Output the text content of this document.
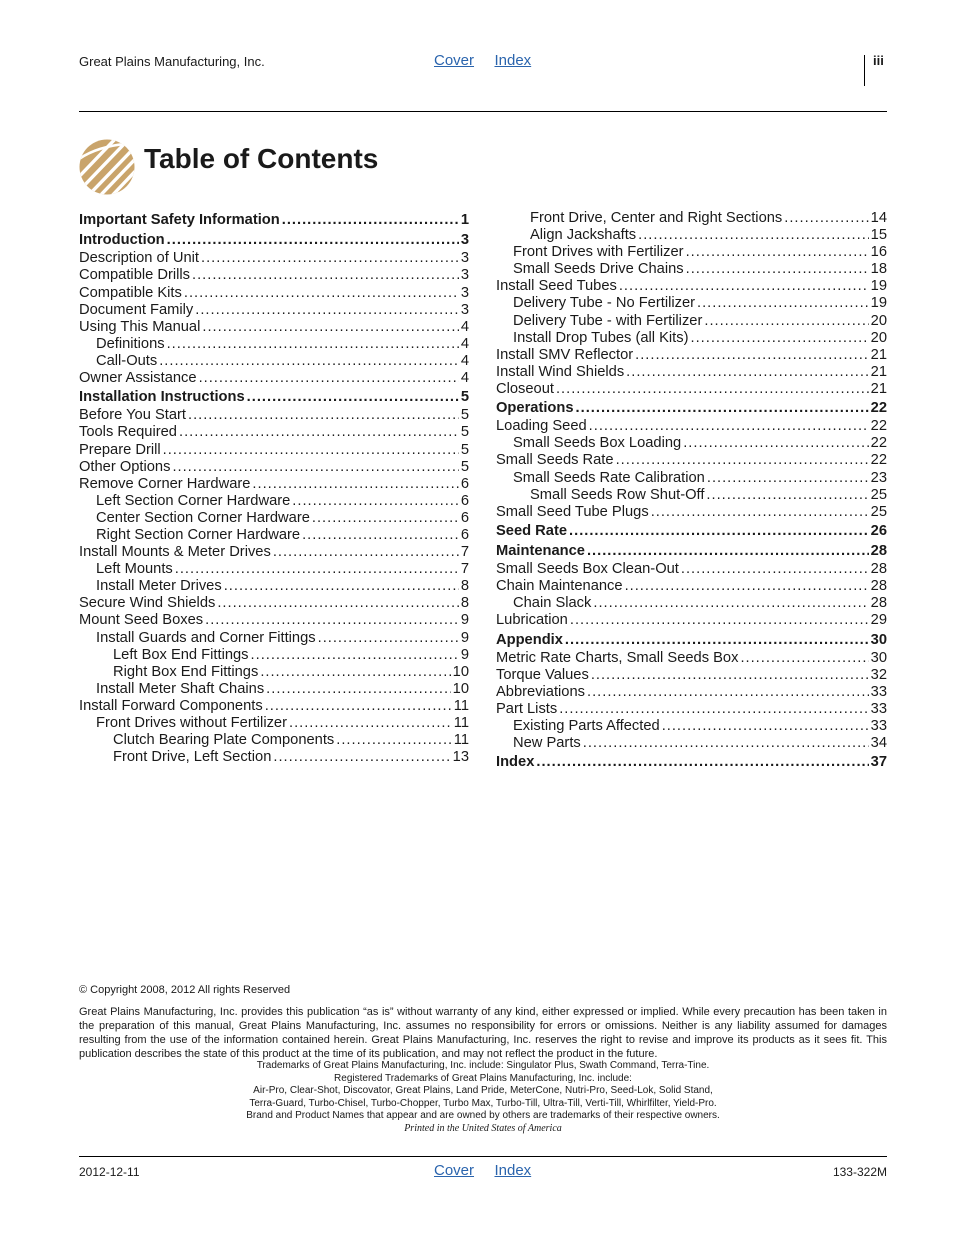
Great Plains Manufacturing, Inc.	Cover Index	iii
Table of Contents
Important Safety Information .....	1
Introduction .....	3
Description of Unit .....	3
Compatible Drills .....	3
Compatible Kits .....	3
Document Family .....	3
Using This Manual .....	4
Definitions .....	4
Call-Outs .....	4
Owner Assistance .....	4
Installation Instructions .....	5
Before You Start .....	5
Tools Required .....	5
Prepare Drill .....	5
Other Options .....	5
Remove Corner Hardware .....	6
Left Section Corner Hardware .....	6
Center Section Corner Hardware .....	6
Right Section Corner Hardware .....	6
Install Mounts & Meter Drives .....	7
Left Mounts .....	7
Install Meter Drives .....	8
Secure Wind Shields .....	8
Mount Seed Boxes .....	9
Install Guards and Corner Fittings .....	9
Left Box End Fittings .....	9
Right Box End Fittings .....	10
Install Meter Shaft Chains .....	10
Install Forward Components .....	11
Front Drives without Fertilizer .....	11
Clutch Bearing Plate Components .....	11
Front Drive, Left Section .....	13
Front Drive, Center and Right Sections .....	14
Align Jackshafts .....	15
Front Drives with Fertilizer .....	16
Small Seeds Drive Chains .....	18
Install Seed Tubes .....	19
Delivery Tube - No Fertilizer .....	19
Delivery Tube - with Fertilizer .....	20
Install Drop Tubes (all Kits) .....	20
Install SMV Reflector .....	21
Install Wind Shields .....	21
Closeout .....	21
Operations .....	22
Loading Seed .....	22
Small Seeds Box Loading .....	22
Small Seeds Rate .....	22
Small Seeds Rate Calibration .....	23
Small Seeds Row Shut-Off .....	25
Small Seed Tube Plugs .....	25
Seed Rate .....	26
Maintenance .....	28
Small Seeds Box Clean-Out .....	28
Chain Maintenance .....	28
Chain Slack .....	28
Lubrication .....	29
Appendix .....	30
Metric Rate Charts, Small Seeds Box .....	30
Torque Values .....	32
Abbreviations .....	33
Part Lists .....	33
Existing Parts Affected .....	33
New Parts .....	34
Index .....	37
© Copyright 2008, 2012 All rights Reserved
Great Plains Manufacturing, Inc. provides this publication “as is” without warranty of any kind, either expressed or implied. While every precaution has been taken in the preparation of this manual, Great Plains Manufacturing, Inc. assumes no responsibility for errors or omissions. Neither is any liability assumed for damages resulting from the use of the information contained herein. Great Plains Manufacturing, Inc. reserves the right to revise and improve its products as it sees fit. This publication describes the state of this product at the time of its publication, and may not reflect the product in the future.
Trademarks of Great Plains Manufacturing, Inc. include: Singulator Plus, Swath Command, Terra-Tine.
Registered Trademarks of Great Plains Manufacturing, Inc. include:
Air-Pro, Clear-Shot, Discovator, Great Plains, Land Pride, MeterCone, Nutri-Pro, Seed-Lok, Solid Stand,
Terra-Guard, Turbo-Chisel, Turbo-Chopper, Turbo Max, Turbo-Till, Ultra-Till, Verti-Till, Whirlfilter, Yield-Pro.
Brand and Product Names that appear and are owned by others are trademarks of their respective owners.
Printed in the United States of America
2012-12-11	Cover Index	133-322M
